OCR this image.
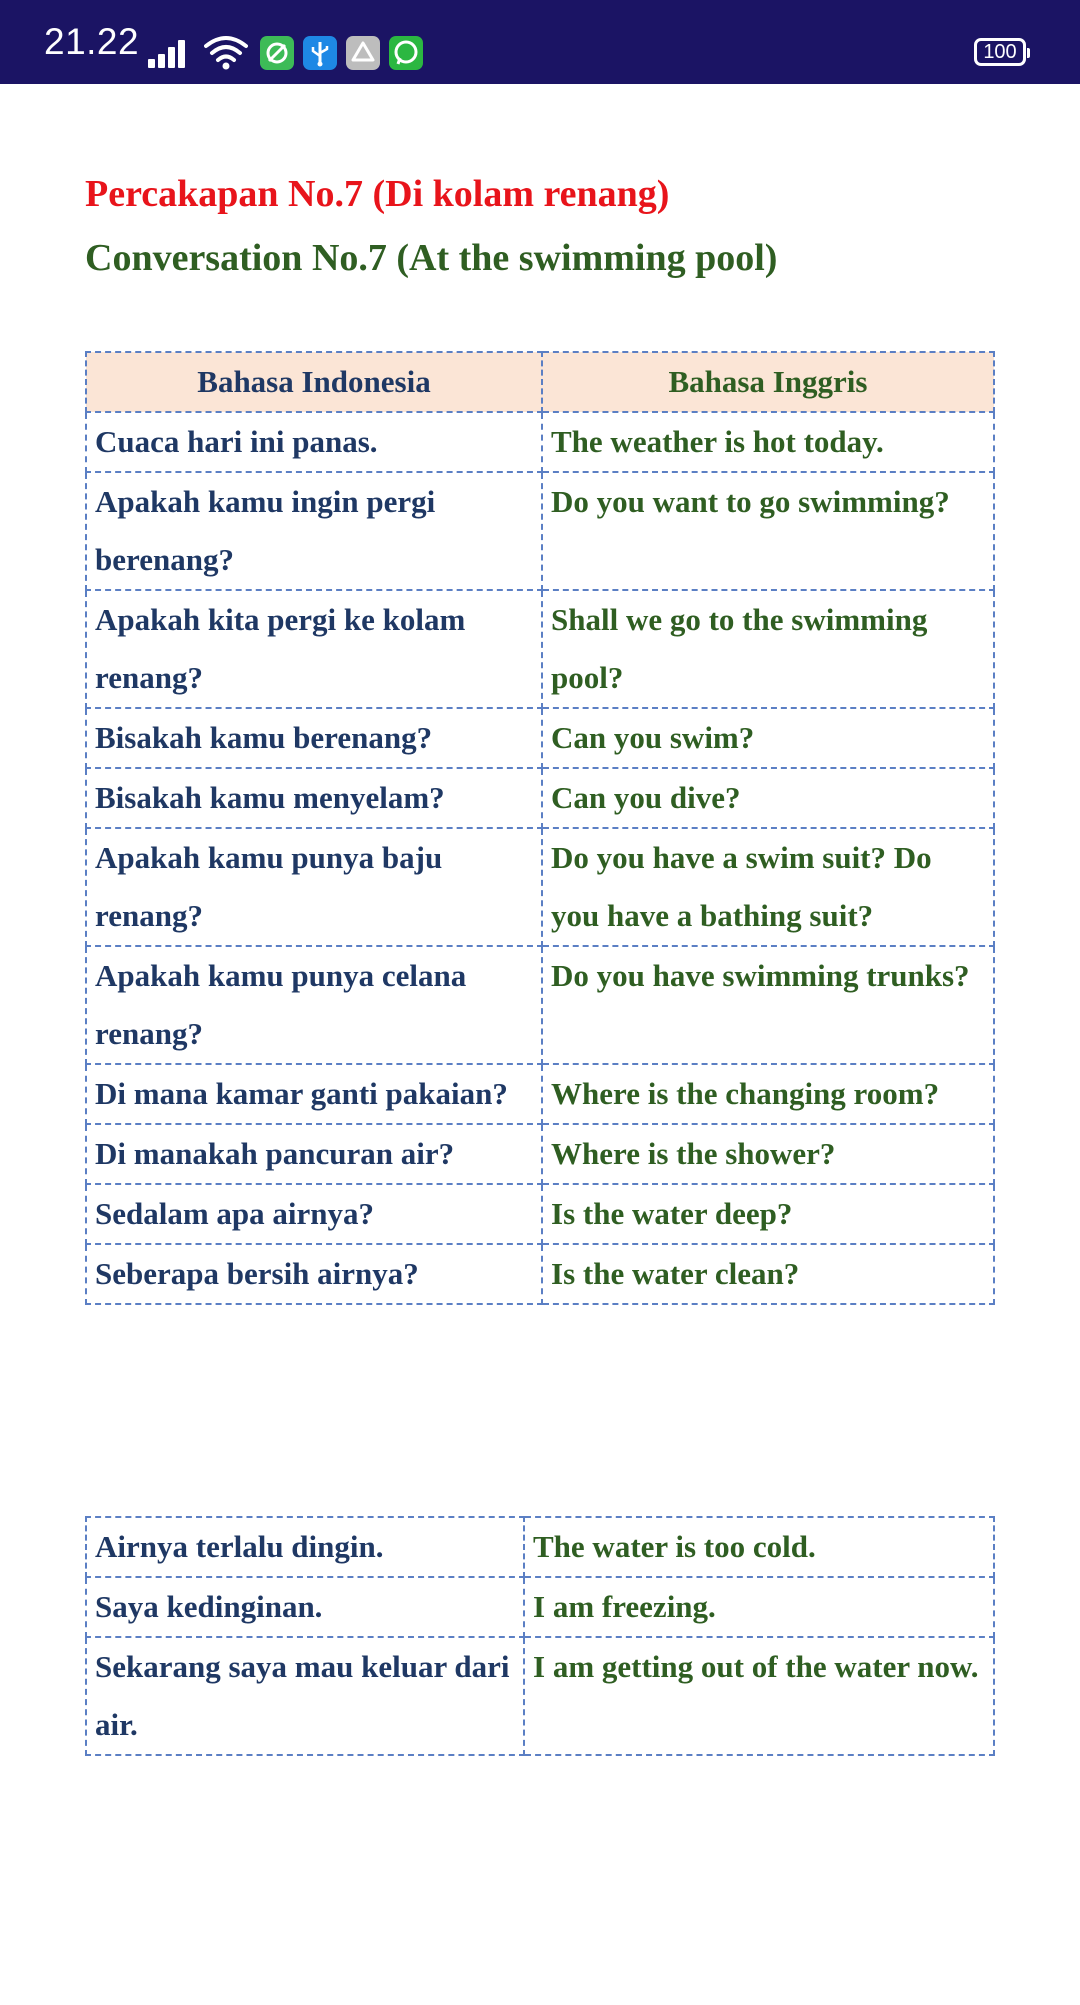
21.22	100
Percakapan No.7 (Di kolam renang)
Conversation No.7 (At the swimming pool)
Bahasa Indonesia	Bahasa Inggris
Cuaca hari ini panas.	The weather is hot today.
Apakah kamu ingin pergi berenang?	Do you want to go swimming?
Apakah kita pergi ke kolam renang?	Shall we go to the swimming pool?
Bisakah kamu berenang?	Can you swim?
Bisakah kamu menyelam?	Can you dive?
Apakah kamu punya baju renang?	Do you have a swim suit? Do you have a bathing suit?
Apakah kamu punya celana renang?	Do you have swimming trunks?
Di mana kamar ganti pakaian?	Where is the changing room?
Di manakah pancuran air?	Where is the shower?
Sedalam apa airnya?	Is the water deep?
Seberapa bersih airnya?	Is the water clean?
Airnya terlalu dingin.	The water is too cold.
Saya kedinginan.	I am freezing.
Sekarang saya mau keluar dari air.	I am getting out of the water now.
